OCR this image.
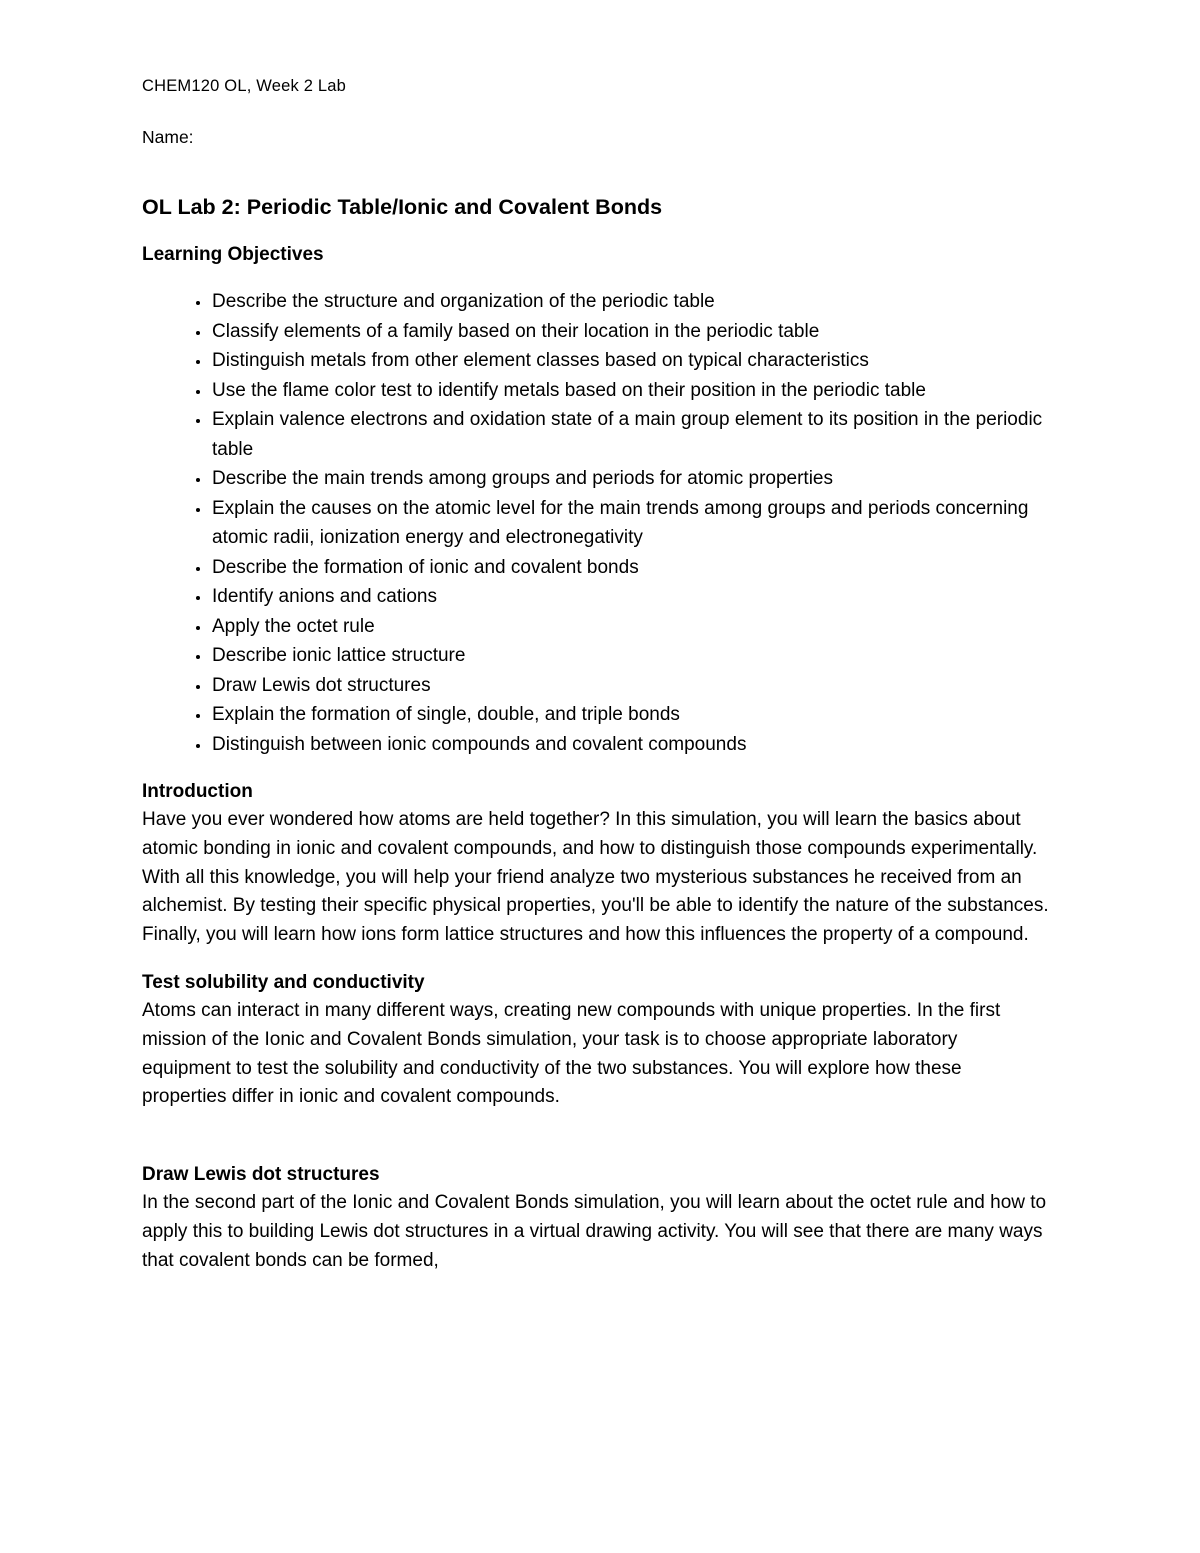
CHEM120 OL, Week 2 Lab
Name:
OL Lab 2: Periodic Table/Ionic and Covalent Bonds
Learning Objectives
• Describe the structure and organization of the periodic table
• Classify elements of a family based on their location in the periodic table
• Distinguish metals from other element classes based on typical characteristics
• Use the flame color test to identify metals based on their position in the periodic table
• Explain valence electrons and oxidation state of a main group element to its position in the periodic table
• Describe the main trends among groups and periods for atomic properties
• Explain the causes on the atomic level for the main trends among groups and periods concerning atomic radii, ionization energy and electronegativity
• Describe the formation of ionic and covalent bonds
• Identify anions and cations
• Apply the octet rule
• Describe ionic lattice structure
• Draw Lewis dot structures
• Explain the formation of single, double, and triple bonds
• Distinguish between ionic compounds and covalent compounds
Introduction

Have you ever wondered how atoms are held together? In this simulation, you will learn the basics about atomic bonding in ionic and covalent compounds, and how to distinguish those compounds experimentally. With all this knowledge, you will help your friend analyze two mysterious substances he received from an alchemist. By testing their specific physical properties, you'll be able to identify the nature of the substances. Finally, you will learn how ions form lattice structures and how this influences the property of a compound.

Test solubility and conductivity

Atoms can interact in many different ways, creating new compounds with unique properties. In the first mission of the Ionic and Covalent Bonds simulation, your task is to choose appropriate laboratory equipment to test the solubility and conductivity of the two substances. You will explore how these properties differ in ionic and covalent compounds.

Draw Lewis dot structures

In the second part of the Ionic and Covalent Bonds simulation, you will learn about the octet rule and how to apply this to building Lewis dot structures in a virtual drawing activity. You will see that there are many ways that covalent bonds can be formed,
